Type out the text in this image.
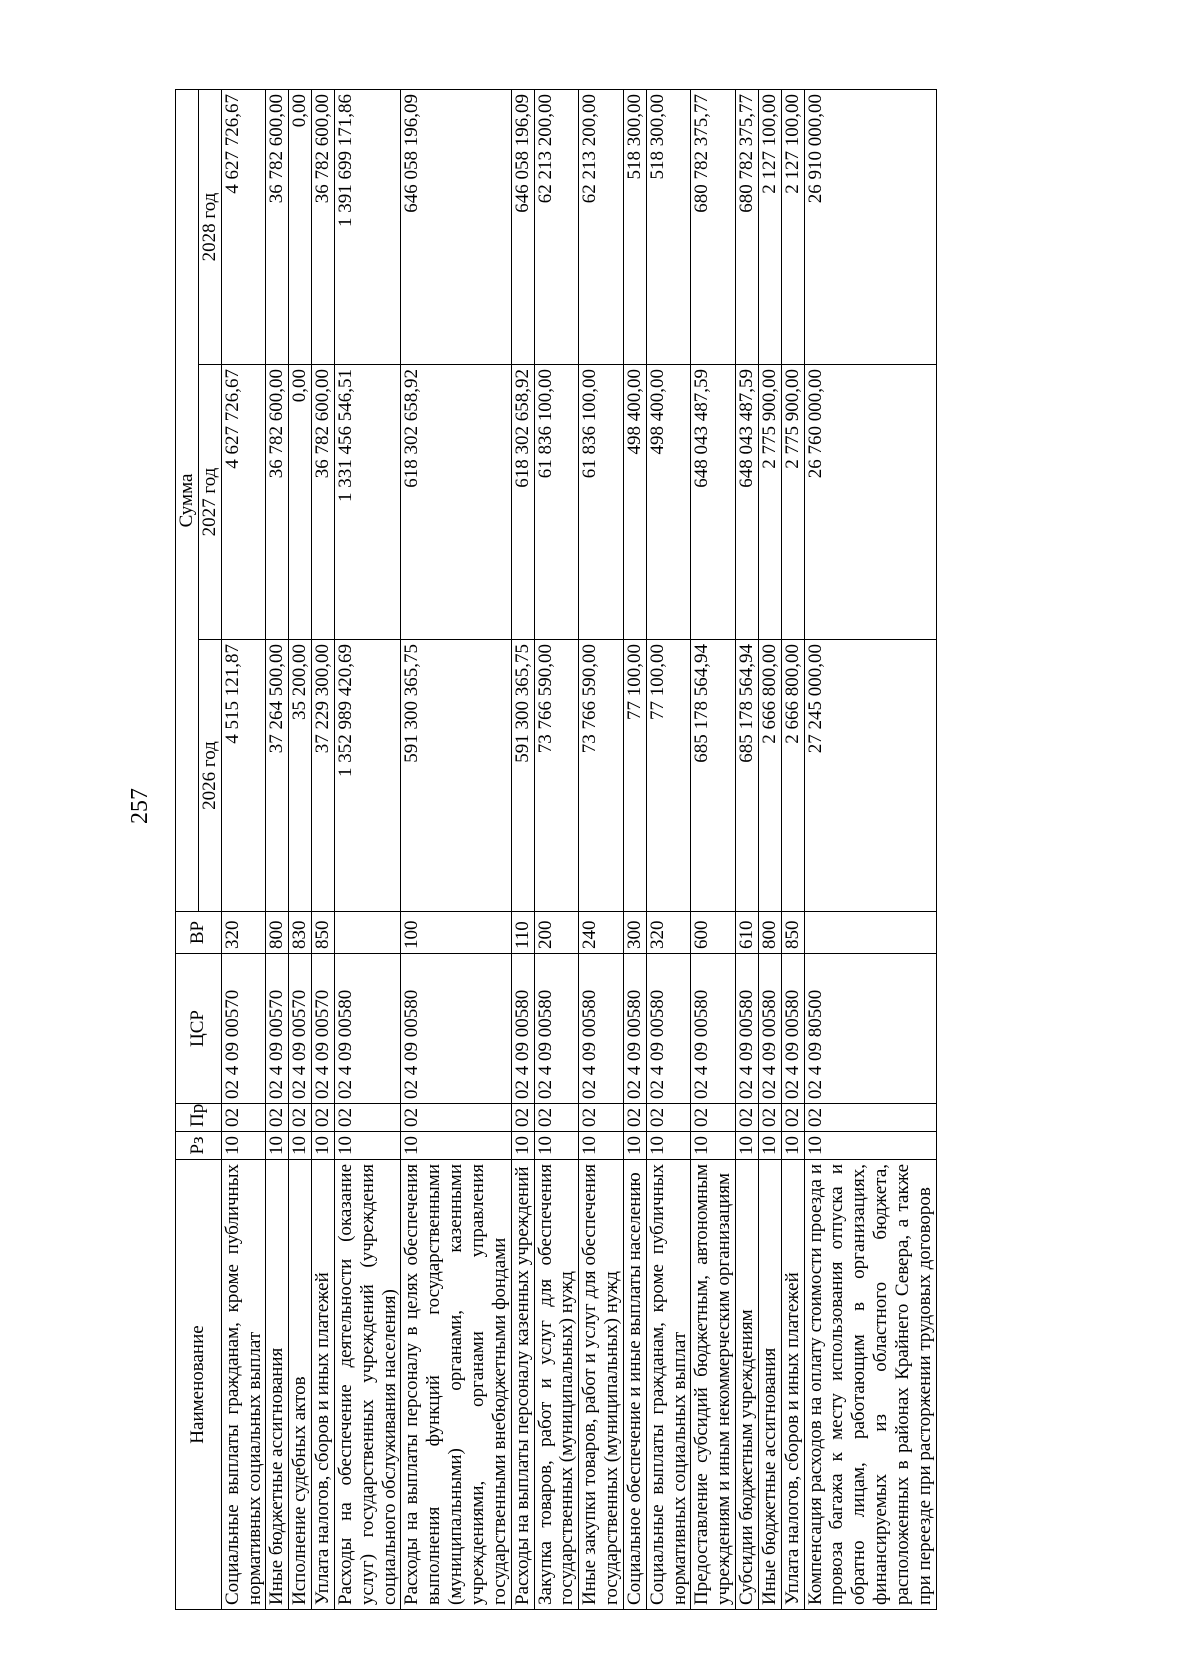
257
Наименование	Рз	Пр	ЦСР	ВР	Сумма		
					2026 год	2027 год	2028 год
Социальные выплаты гражданам, кроме публичных нормативных социальных выплат	10	02	02 4 09 00570	320	4 515 121,87	4 627 726,67	4 627 726,67
Иные бюджетные ассигнования	10	02	02 4 09 00570	800	37 264 500,00	36 782 600,00	36 782 600,00
Исполнение судебных актов	10	02	02 4 09 00570	830	35 200,00	0,00	0,00
Уплата налогов, сборов и иных платежей	10	02	02 4 09 00570	850	37 229 300,00	36 782 600,00	36 782 600,00
Расходы на обеспечение деятельности (оказание услуг) государственных учреждений (учреждения социального обслуживания населения)	10	02	02 4 09 00580		1 352 989 420,69	1 331 456 546,51	1 391 699 171,86
Расходы на выплаты персоналу в целях обеспечения выполнения функций государственными (муниципальными) органами, казенными учреждениями, органами управления государственными внебюджетными фондами	10	02	02 4 09 00580	100	591 300 365,75	618 302 658,92	646 058 196,09
Расходы на выплаты персоналу казенных учреждений	10	02	02 4 09 00580	110	591 300 365,75	618 302 658,92	646 058 196,09
Закупка товаров, работ и услуг для обеспечения государственных (муниципальных) нужд	10	02	02 4 09 00580	200	73 766 590,00	61 836 100,00	62 213 200,00
Иные закупки товаров, работ и услуг для обеспечения государственных (муниципальных) нужд	10	02	02 4 09 00580	240	73 766 590,00	61 836 100,00	62 213 200,00
Социальное обеспечение и иные выплаты населению	10	02	02 4 09 00580	300	77 100,00	498 400,00	518 300,00
Социальные выплаты гражданам, кроме публичных нормативных социальных выплат	10	02	02 4 09 00580	320	77 100,00	498 400,00	518 300,00
Предоставление субсидий бюджетным, автономным учреждениям и иным некоммерческим организациям	10	02	02 4 09 00580	600	685 178 564,94	648 043 487,59	680 782 375,77
Субсидии бюджетным учреждениям	10	02	02 4 09 00580	610	685 178 564,94	648 043 487,59	680 782 375,77
Иные бюджетные ассигнования	10	02	02 4 09 00580	800	2 666 800,00	2 775 900,00	2 127 100,00
Уплата налогов, сборов и иных платежей	10	02	02 4 09 00580	850	2 666 800,00	2 775 900,00	2 127 100,00
Компенсация расходов на оплату стоимости проезда и провоза багажа к месту использования отпуска и обратно лицам, работающим в организациях, финансируемых из областного бюджета, расположенных в районах Крайнего Севера, а также при переезде при расторжении трудовых договоров	10	02	02 4 09 80500		27 245 000,00	26 760 000,00	26 910 000,00
